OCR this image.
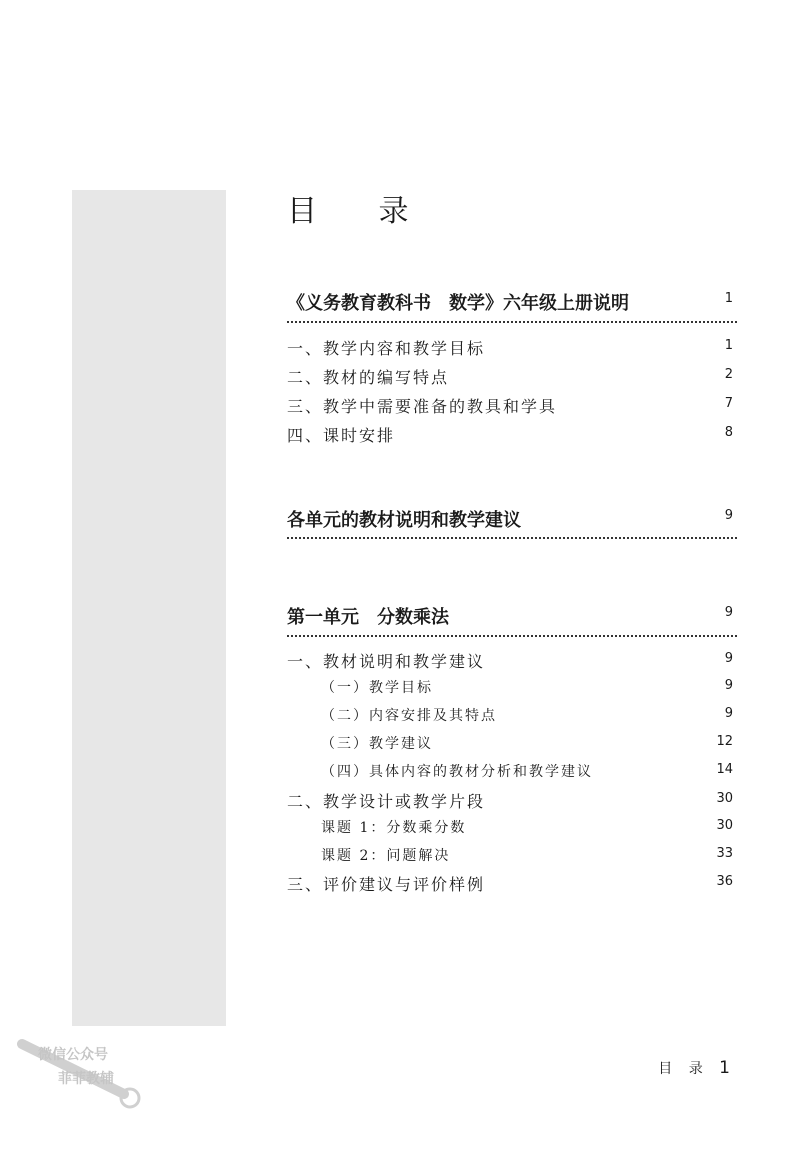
目 录
《义务教育教科书　数学》六年级上册说明	1
一、教学内容和教学目标	1
二、教材的编写特点	2
三、教学中需要准备的教具和学具	7
四、课时安排	8
各单元的教材说明和教学建议	9
第一单元　分数乘法	9
一、教材说明和教学建议	9
（一）教学目标	9
（二）内容安排及其特点	9
（三）教学建议	12
（四）具体内容的教材分析和教学建议	14
二、教学设计或教学片段	30
课题 1：分数乘分数	30
课题 2：问题解决	33
三、评价建议与评价样例	36
目 录 1
微信公众号
菲菲教辅
